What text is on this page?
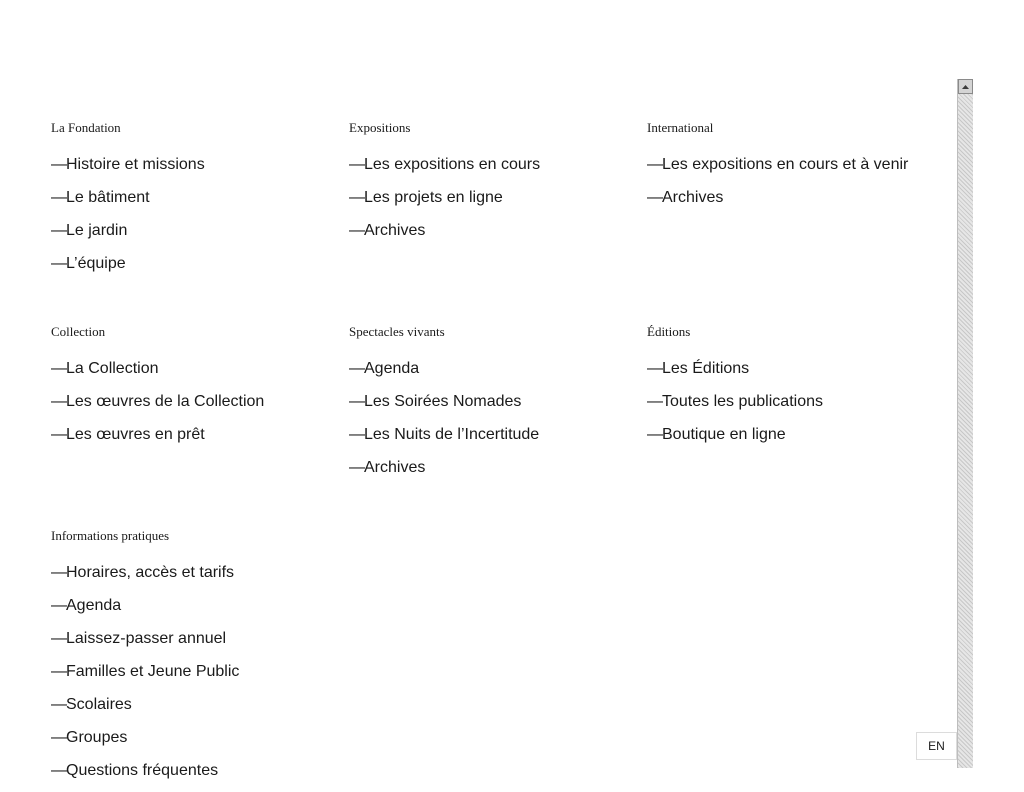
La Fondation
— Histoire et missions
— Le bâtiment
— Le jardin
— L’équipe
Expositions
— Les expositions en cours
— Les projets en ligne
— Archives
International
— Les expositions en cours et à venir
— Archives
Collection
— La Collection
— Les œuvres de la Collection
— Les œuvres en prêt
Spectacles vivants
— Agenda
— Les Soirées Nomades
— Les Nuits de l’Incertitude
— Archives
Éditions
— Les Éditions
— Toutes les publications
— Boutique en ligne
Informations pratiques
— Horaires, accès et tarifs
— Agenda
— Laissez-passer annuel
— Familles et Jeune Public
— Scolaires
— Groupes
— Questions fréquentes
EN
